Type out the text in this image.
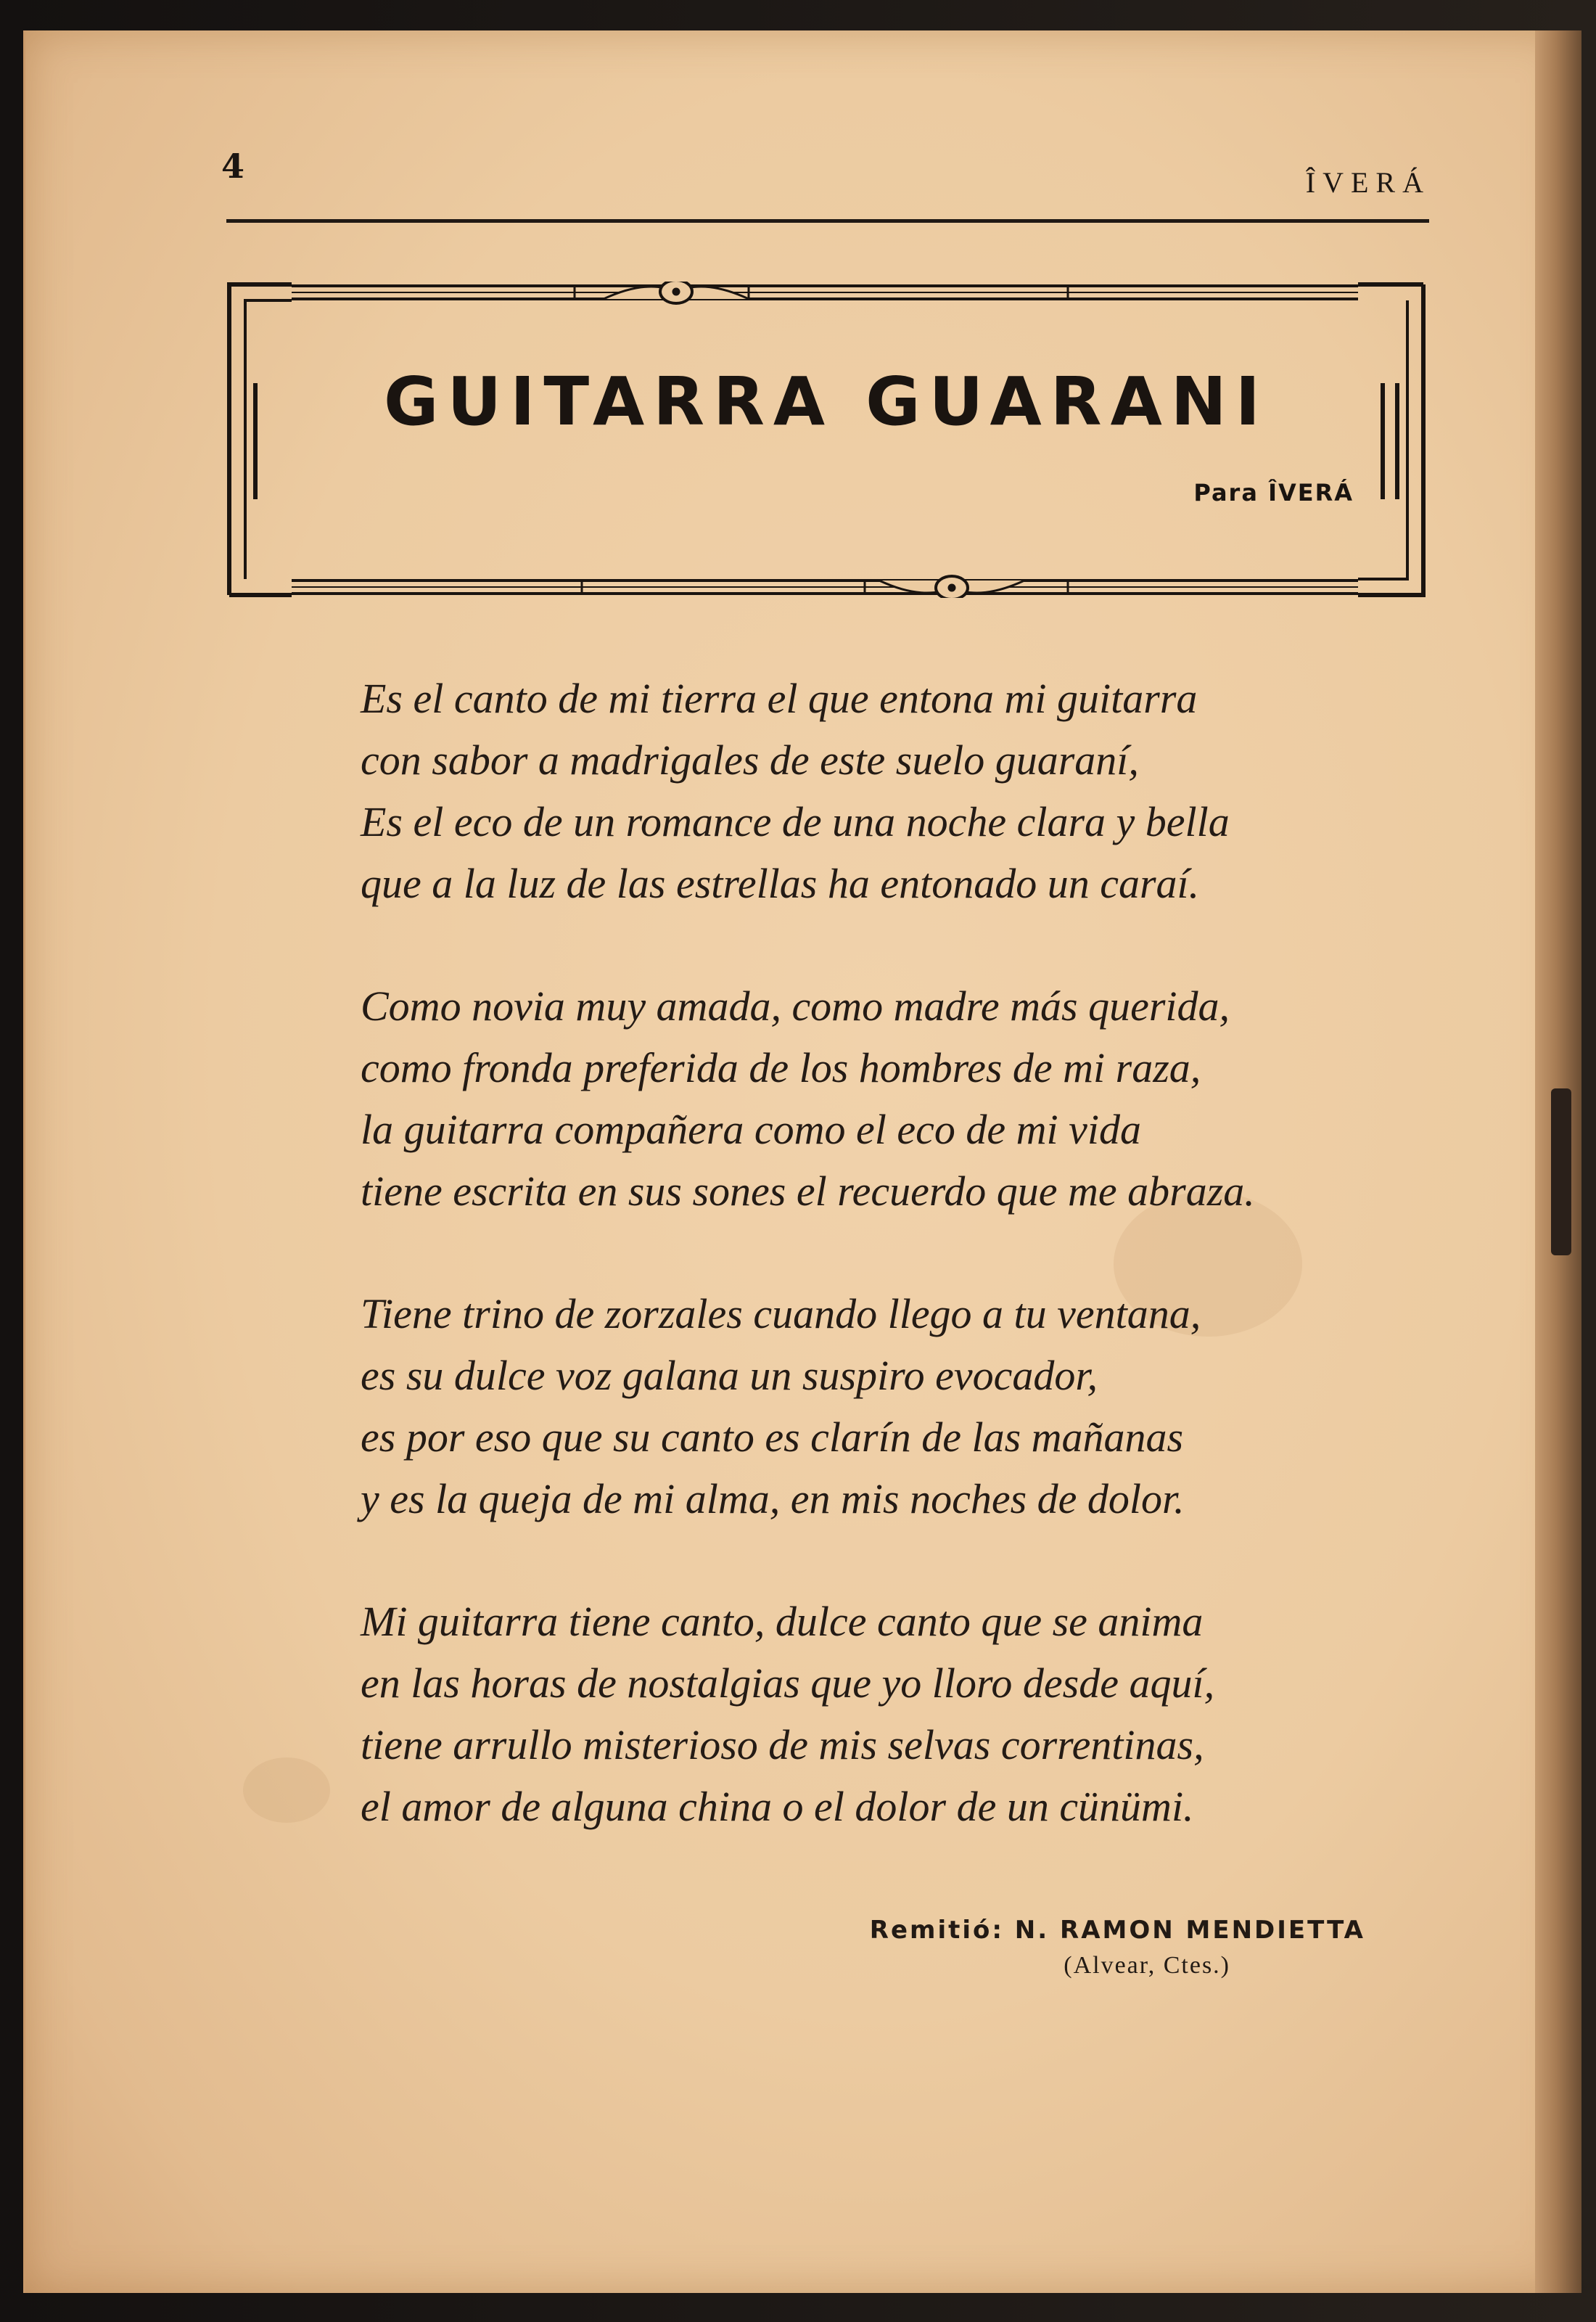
4	ÎVERÁ
GUITARRA GUARANI
Para ÎVERÁ
Es el canto de mi tierra el que entona mi guitarra
con sabor a madrigales de este suelo guaraní,
Es el eco de un romance de una noche clara y bella
que a la luz de las estrellas ha entonado un caraí.
Como novia muy amada, como madre más querida,
como fronda preferida de los hombres de mi raza,
la guitarra compañera como el eco de mi vida
tiene escrita en sus sones el recuerdo que me abraza.
Tiene trino de zorzales cuando llego a tu ventana,
es su dulce voz galana un suspiro evocador,
es por eso que su canto es clarín de las mañanas
y es la queja de mi alma, en mis noches de dolor.
Mi guitarra tiene canto, dulce canto que se anima
en las horas de nostalgias que yo lloro desde aquí,
tiene arrullo misterioso de mis selvas correntinas,
el amor de alguna china o el dolor de un cünümi.
Remitió: N. RAMON MENDIETTA
(Alvear, Ctes.)
